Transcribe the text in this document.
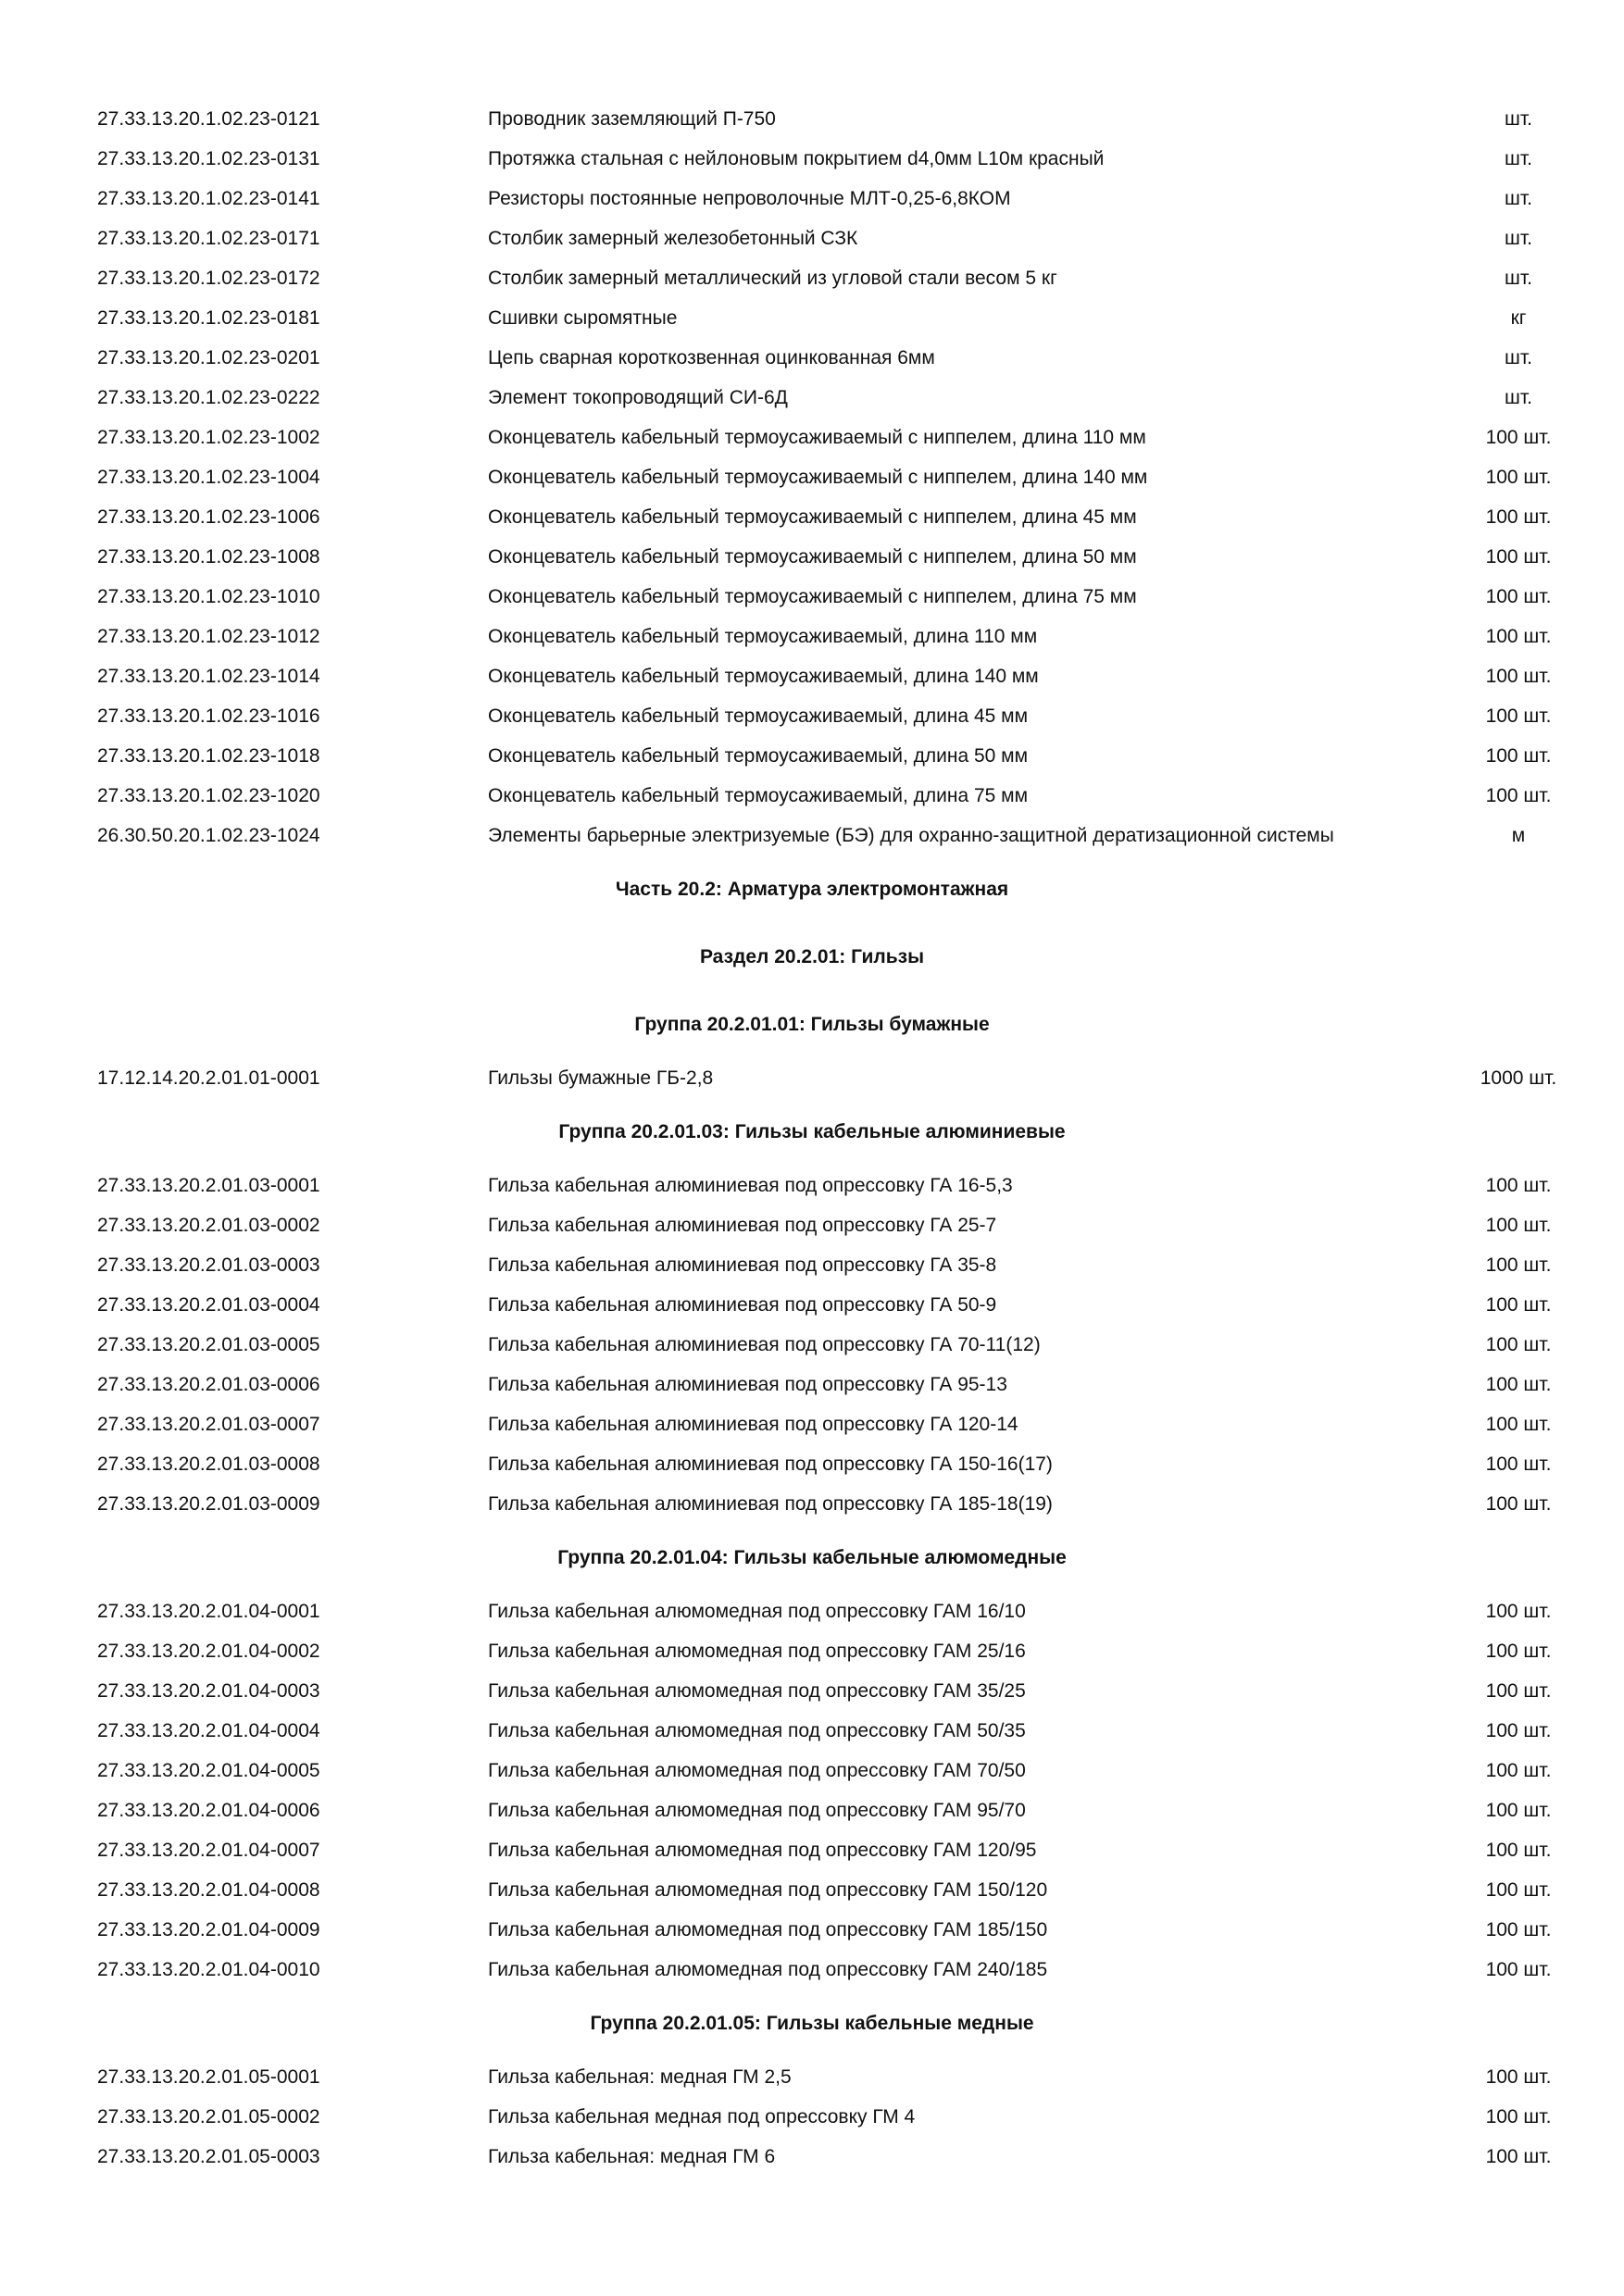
27.33.13.20.1.02.23-0121	Проводник заземляющий П-750	шт.
27.33.13.20.1.02.23-0131	Протяжка стальная с нейлоновым покрытием d4,0мм L10м красный	шт.
27.33.13.20.1.02.23-0141	Резисторы постоянные непроволочные МЛТ-0,25-6,8КОМ	шт.
27.33.13.20.1.02.23-0171	Столбик замерный железобетонный СЗК	шт.
27.33.13.20.1.02.23-0172	Столбик замерный металлический из угловой стали весом 5 кг	шт.
27.33.13.20.1.02.23-0181	Сшивки сыромятные	кг
27.33.13.20.1.02.23-0201	Цепь сварная короткозвенная оцинкованная 6мм	шт.
27.33.13.20.1.02.23-0222	Элемент токопроводящий СИ-6Д	шт.
27.33.13.20.1.02.23-1002	Оконцеватель кабельный термоусаживаемый с ниппелем, длина 110 мм	100 шт.
27.33.13.20.1.02.23-1004	Оконцеватель кабельный термоусаживаемый с ниппелем, длина 140 мм	100 шт.
27.33.13.20.1.02.23-1006	Оконцеватель кабельный термоусаживаемый с ниппелем, длина 45 мм	100 шт.
27.33.13.20.1.02.23-1008	Оконцеватель кабельный термоусаживаемый с ниппелем, длина 50 мм	100 шт.
27.33.13.20.1.02.23-1010	Оконцеватель кабельный термоусаживаемый с ниппелем, длина 75 мм	100 шт.
27.33.13.20.1.02.23-1012	Оконцеватель кабельный термоусаживаемый, длина 110 мм	100 шт.
27.33.13.20.1.02.23-1014	Оконцеватель кабельный термоусаживаемый, длина 140 мм	100 шт.
27.33.13.20.1.02.23-1016	Оконцеватель кабельный термоусаживаемый, длина 45 мм	100 шт.
27.33.13.20.1.02.23-1018	Оконцеватель кабельный термоусаживаемый, длина 50 мм	100 шт.
27.33.13.20.1.02.23-1020	Оконцеватель кабельный термоусаживаемый, длина 75 мм	100 шт.
26.30.50.20.1.02.23-1024	Элементы барьерные электризуемые (БЭ) для охранно-защитной дератизационной системы	м
Часть 20.2: Арматура электромонтажная
Раздел 20.2.01: Гильзы
Группа 20.2.01.01: Гильзы бумажные
17.12.14.20.2.01.01-0001	Гильзы бумажные ГБ-2,8	1000 шт.
Группа 20.2.01.03: Гильзы кабельные алюминиевые
27.33.13.20.2.01.03-0001	Гильза кабельная алюминиевая под опрессовку ГА 16-5,3	100 шт.
27.33.13.20.2.01.03-0002	Гильза кабельная алюминиевая под опрессовку ГА 25-7	100 шт.
27.33.13.20.2.01.03-0003	Гильза кабельная алюминиевая под опрессовку ГА 35-8	100 шт.
27.33.13.20.2.01.03-0004	Гильза кабельная алюминиевая под опрессовку ГА 50-9	100 шт.
27.33.13.20.2.01.03-0005	Гильза кабельная алюминиевая под опрессовку ГА 70-11(12)	100 шт.
27.33.13.20.2.01.03-0006	Гильза кабельная алюминиевая под опрессовку ГА 95-13	100 шт.
27.33.13.20.2.01.03-0007	Гильза кабельная алюминиевая под опрессовку ГА 120-14	100 шт.
27.33.13.20.2.01.03-0008	Гильза кабельная алюминиевая под опрессовку ГА 150-16(17)	100 шт.
27.33.13.20.2.01.03-0009	Гильза кабельная алюминиевая под опрессовку ГА 185-18(19)	100 шт.
Группа 20.2.01.04: Гильзы кабельные алюмомедные
27.33.13.20.2.01.04-0001	Гильза кабельная алюмомедная под опрессовку ГАМ 16/10	100 шт.
27.33.13.20.2.01.04-0002	Гильза кабельная алюмомедная под опрессовку ГАМ 25/16	100 шт.
27.33.13.20.2.01.04-0003	Гильза кабельная алюмомедная под опрессовку ГАМ 35/25	100 шт.
27.33.13.20.2.01.04-0004	Гильза кабельная алюмомедная под опрессовку ГАМ 50/35	100 шт.
27.33.13.20.2.01.04-0005	Гильза кабельная алюмомедная под опрессовку ГАМ 70/50	100 шт.
27.33.13.20.2.01.04-0006	Гильза кабельная алюмомедная под опрессовку ГАМ 95/70	100 шт.
27.33.13.20.2.01.04-0007	Гильза кабельная алюмомедная под опрессовку ГАМ 120/95	100 шт.
27.33.13.20.2.01.04-0008	Гильза кабельная алюмомедная под опрессовку ГАМ 150/120	100 шт.
27.33.13.20.2.01.04-0009	Гильза кабельная алюмомедная под опрессовку ГАМ 185/150	100 шт.
27.33.13.20.2.01.04-0010	Гильза кабельная алюмомедная под опрессовку ГАМ 240/185	100 шт.
Группа 20.2.01.05: Гильзы кабельные медные
27.33.13.20.2.01.05-0001	Гильза кабельная: медная ГМ 2,5	100 шт.
27.33.13.20.2.01.05-0002	Гильза кабельная медная под опрессовку ГМ 4	100 шт.
27.33.13.20.2.01.05-0003	Гильза кабельная: медная ГМ 6	100 шт.
